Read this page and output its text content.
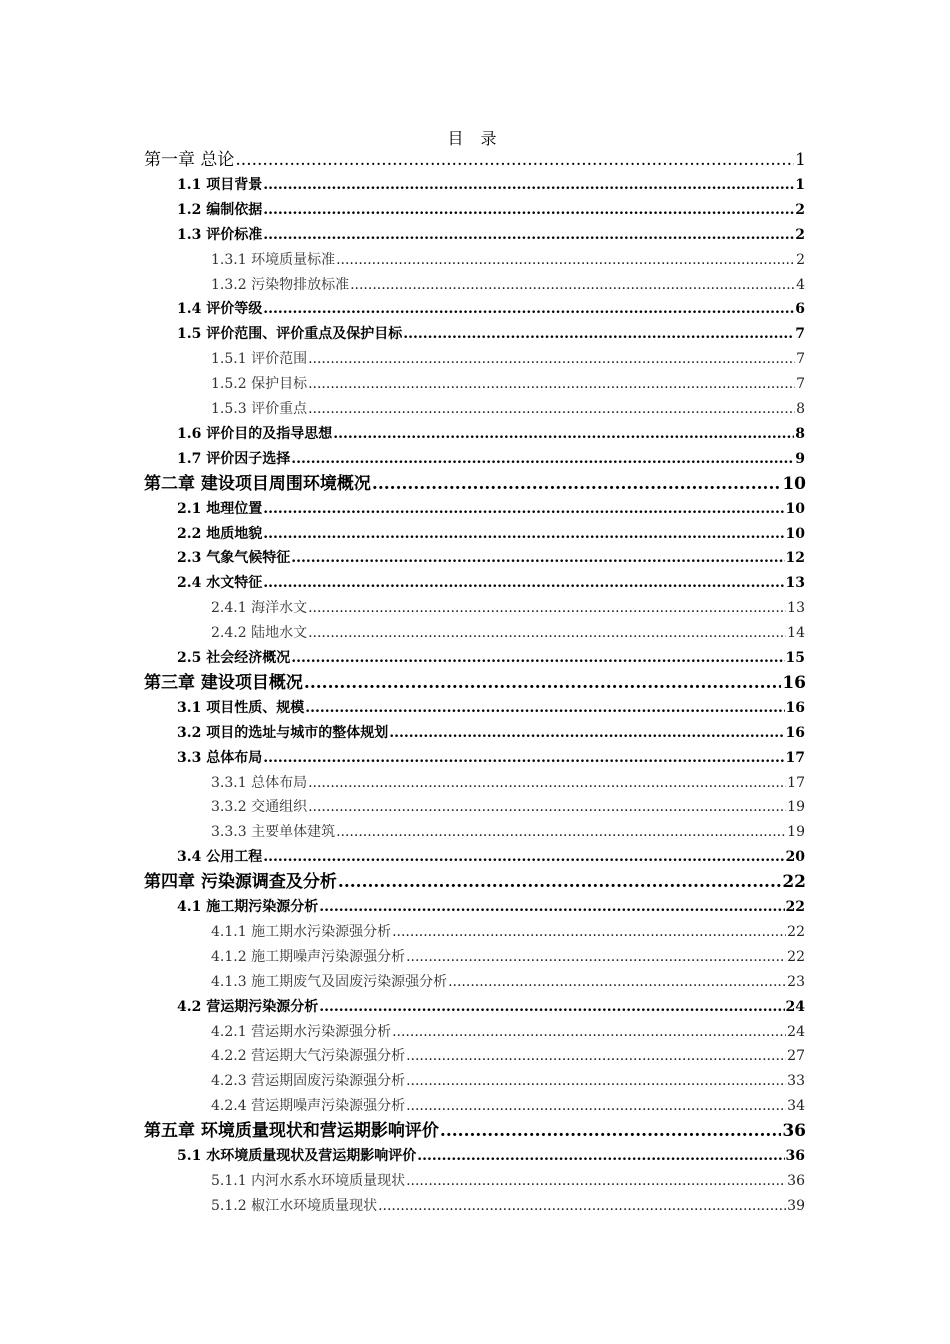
目 录
第一章 总论 .....	1
1.1 项目背景 .....	1
1.2 编制依据 .....	2
1.3 评价标准 .....	2
1.3.1 环境质量标准 .....	2
1.3.2 污染物排放标准 .....	4
1.4 评价等级 .....	6
1.5 评价范围、评价重点及保护目标 .....	7
1.5.1 评价范围 .....	7
1.5.2 保护目标 .....	7
1.5.3 评价重点 .....	8
1.6 评价目的及指导思想 .....	8
1.7 评价因子选择 .....	9
第二章 建设项目周围环境概况 .....	10
2.1 地理位置 .....	10
2.2 地质地貌 .....	10
2.3 气象气候特征 .....	12
2.4 水文特征 .....	13
2.4.1 海洋水文 .....	13
2.4.2 陆地水文 .....	14
2.5 社会经济概况 .....	15
第三章 建设项目概况 .....	16
3.1 项目性质、规模 .....	16
3.2 项目的选址与城市的整体规划 .....	16
3.3 总体布局 .....	17
3.3.1 总体布局 .....	17
3.3.2 交通组织 .....	19
3.3.3 主要单体建筑 .....	19
3.4 公用工程 .....	20
第四章 污染源调查及分析 .....	22
4.1 施工期污染源分析 .....	22
4.1.1 施工期水污染源强分析 .....	22
4.1.2 施工期噪声污染源强分析 .....	22
4.1.3 施工期废气及固废污染源强分析 .....	23
4.2 营运期污染源分析 .....	24
4.2.1 营运期水污染源强分析 .....	24
4.2.2 营运期大气污染源强分析 .....	27
4.2.3 营运期固废污染源强分析 .....	33
4.2.4 营运期噪声污染源强分析 .....	34
第五章 环境质量现状和营运期影响评价 .....	36
5.1 水环境质量现状及营运期影响评价 .....	36
5.1.1 内河水系水环境质量现状 .....	36
5.1.2 椒江水环境质量现状 .....	39
